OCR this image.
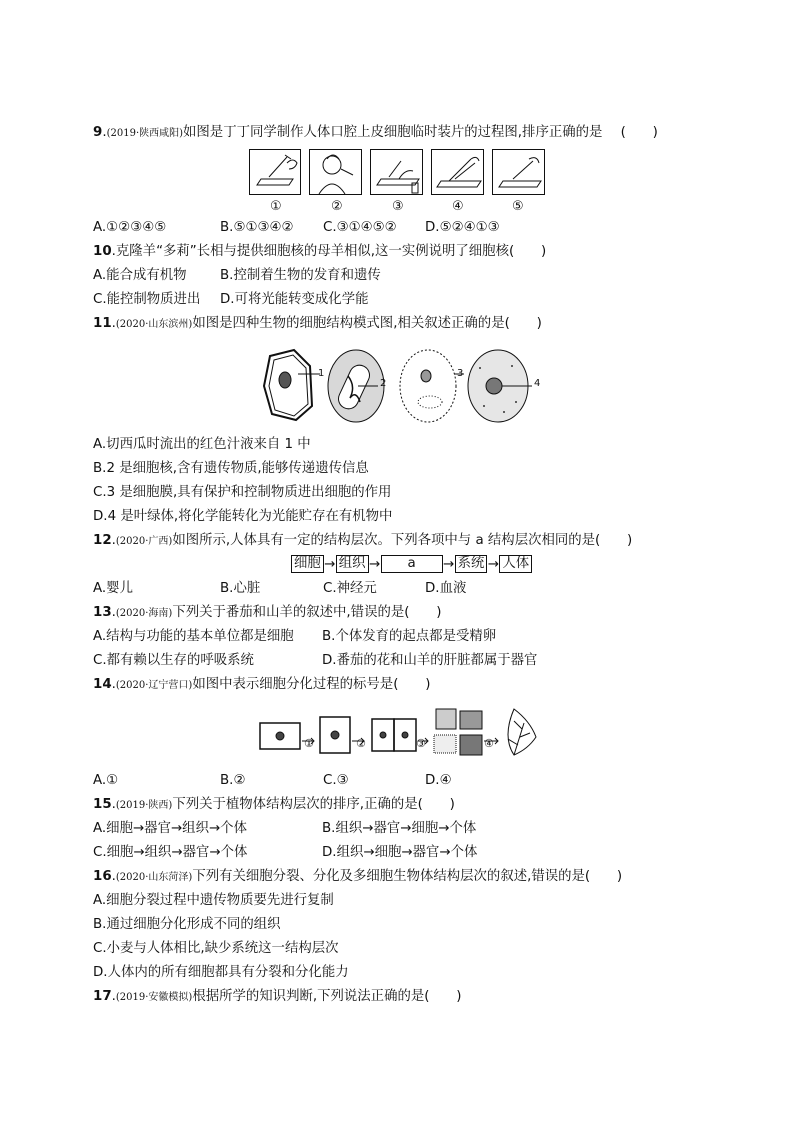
9.(2019·陕西咸阳)如图是丁丁同学制作人体口腔上皮细胞临时装片的过程图,排序正确的是 (　　)
①	②	③	④	⑤
A.①②③④⑤	B.⑤①③④② C.③①④⑤② D.⑤②④①③
10.克隆羊“多莉”长相与提供细胞核的母羊相似,这一实例说明了细胞核(　　)
A.能合成有机物 B.控制着生物的发育和遗传
C.能控制物质进出 D.可将光能转变成化学能
11.(2020·山东滨州)如图是四种生物的细胞结构模式图,相关叙述正确的是(　　)
1
2
3
4
A.切西瓜时流出的红色汁液来自 1 中
B.2 是细胞核,含有遗传物质,能够传递遗传信息
C.3 是细胞膜,具有保护和控制物质进出细胞的作用
D.4 是叶绿体,将化学能转化为光能贮存在有机物中
12.(2020·广西)如图所示,人体具有一定的结构层次。下列各项中与 a 结构层次相同的是(　　)
细胞 → 组织 →	a	→ 系统 → 人体
A.婴儿	B.心脏	C.神经元	D.血液
13.(2020·海南)下列关于番茄和山羊的叙述中,错误的是(　　)
A.结构与功能的基本单位都是细胞 B.个体发育的起点都是受精卵
C.都有赖以生存的呼吸系统	D.番茄的花和山羊的肝脏都属于器官
14.(2020·辽宁营口)如图中表示细胞分化过程的标号是(　　)
①	②	③	④
A.①	B.②	C.③	D.④
15.(2019·陕西)下列关于植物体结构层次的排序,正确的是(　　)
A.细胞→器官→组织→个体	B.组织→器官→细胞→个体
C.细胞→组织→器官→个体	D.组织→细胞→器官→个体
16.(2020·山东菏泽)下列有关细胞分裂、分化及多细胞生物体结构层次的叙述,错误的是(　　)
A.细胞分裂过程中遗传物质要先进行复制
B.通过细胞分化形成不同的组织
C.小麦与人体相比,缺少系统这一结构层次
D.人体内的所有细胞都具有分裂和分化能力
17.(2019·安徽模拟)根据所学的知识判断,下列说法正确的是(　　)
